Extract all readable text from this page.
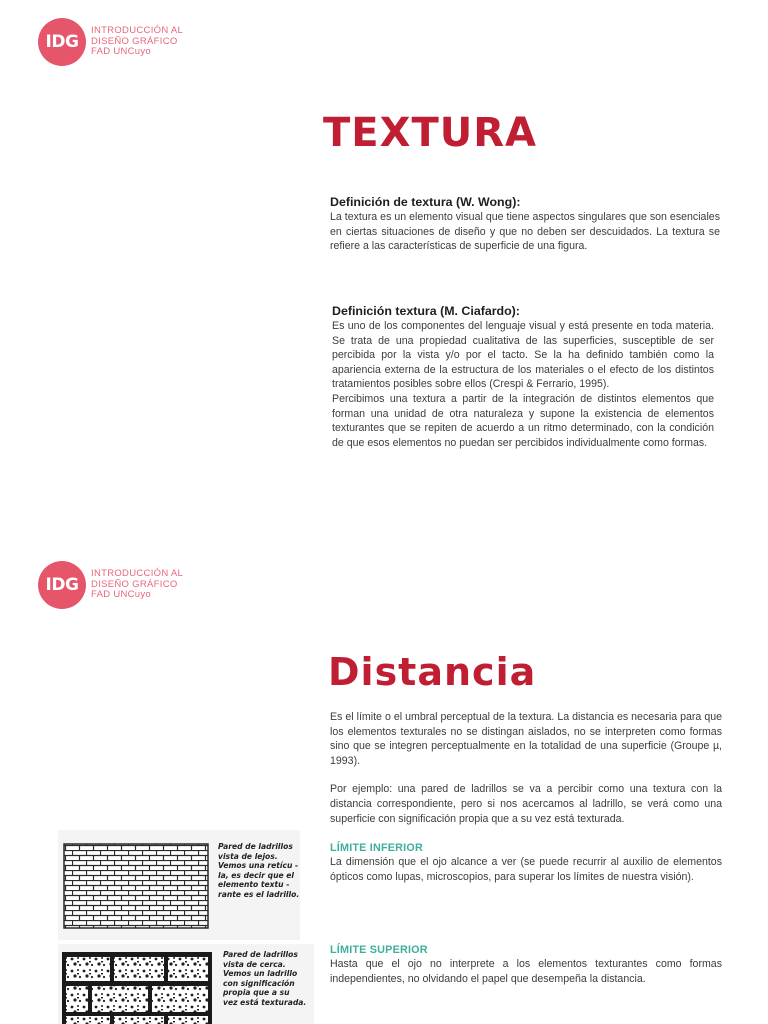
IDG
INTRODUCCIÓN AL
DISEÑO GRÁFICO
FAD UNCuyo
TEXTURA
Definición de textura (W. Wong):

La textura es un elemento visual que tiene aspectos singulares que son esenciales en ciertas situaciones de diseño y que no deben ser descuidados. La textura se refiere a las características de superficie de una figura.

Definición textura (M. Ciafardo):

Es uno de los componentes del lenguaje visual y está presente en toda materia. Se trata de una propiedad cualitativa de las superficies, susceptible de ser percibida por la vista y/o por el tacto. Se la ha definido también como la apariencia externa de la estructura de los materiales o el efecto de los distintos tratamientos posibles sobre ellos (Crespi & Ferrario, 1995).

Percibimos una textura a partir de la integración de distintos elementos que forman una unidad de otra naturaleza y supone la existencia de elementos texturantes que se repiten de acuerdo a un ritmo determinado, con la condición de que esos elementos no puedan ser percibidos individualmente como formas.

IDG
INTRODUCCIÓN AL
DISEÑO GRÁFICO
FAD UNCuyo
Distancia

Es el límite o el umbral perceptual de la textura. La distancia es necesaria para que los elementos texturales no se distingan aislados, no se interpreten como formas sino que se integren perceptualmente en la totalidad de una superficie (Groupe µ, 1993).

Por ejemplo: una pared de ladrillos se va a percibir como una textura con la distancia correspondiente, pero si nos acercamos al ladrillo, se verá como una superficie con significación propia que a su vez está texturada.

LÍMITE INFERIOR

La dimensión que el ojo alcance a ver (se puede recurrir al auxilio de elementos ópticos como lupas, microscopios, para superar los límites de nuestra visión).

LÍMITE SUPERIOR

Hasta que el ojo no interprete a los elementos texturantes como formas independientes, no olvidando el papel que desempeña la distancia.

Pared de ladrillos
vista de lejos.
Vemos una retícu -
la, es decir que el
elemento textu -
rante es el ladrillo.
Pared de ladrillos
vista de cerca.
Vemos un ladrillo
con significación
propia que a su
vez está texturada.
